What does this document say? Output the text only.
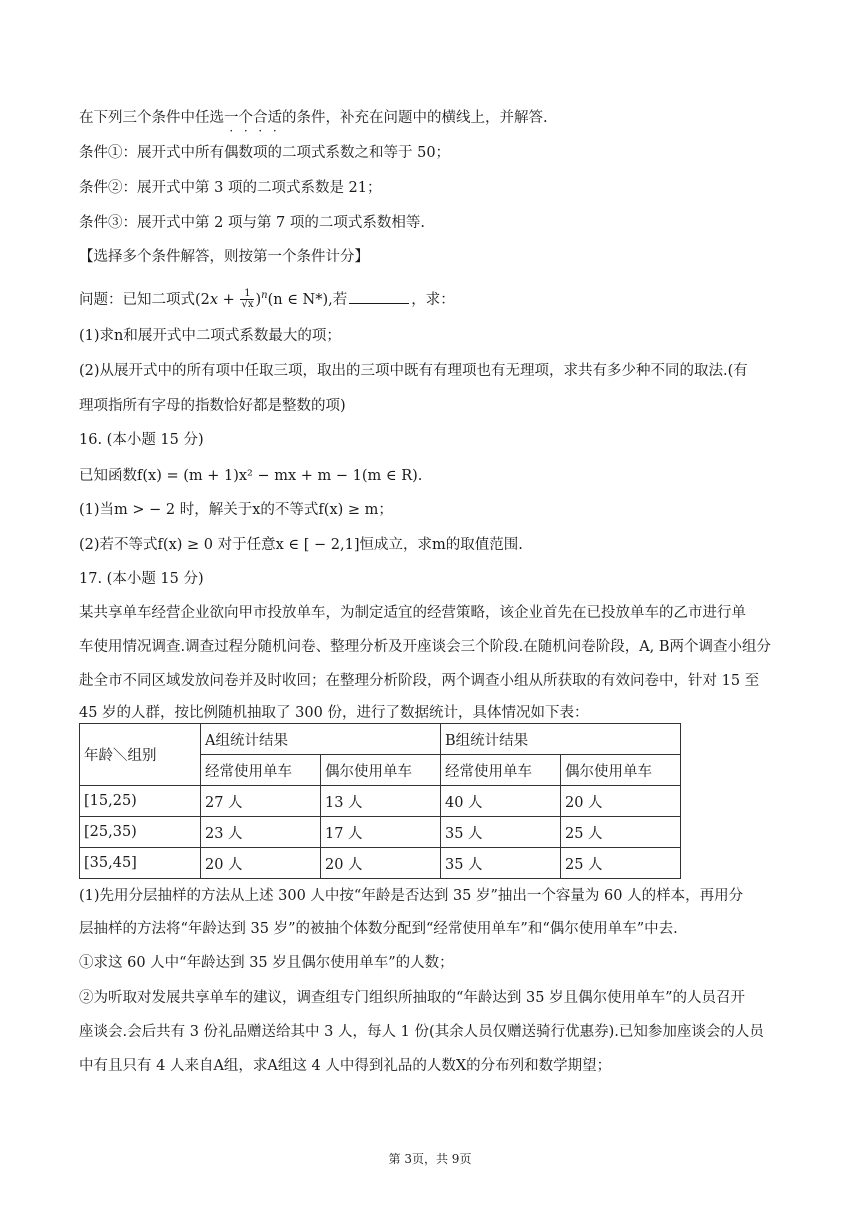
在下列三个条件中任选一个合适的条件，补充在问题中的横线上，并解答.
条件①：展开式中所有偶数项的二项式系数之和等于 50；
条件②：展开式中第 3 项的二项式系数是 21；
条件③：展开式中第 2 项与第 7 项的二项式系数相等.
【选择多个条件解答，则按第一个条件计分】
问题：已知二项式$(2x + \frac{1}{√x} )^n(n$ ∈ N*),若	，求：
(1)求n和展开式中二项式系数最大的项；
(2)从展开式中的所有项中任取三项，取出的三项中既有有理项也有无理项，求共有多少种不同的取法.(有
理项指所有字母的指数恰好都是整数的项)
16. (本小题 15 分)
已知函数f(x) = (m + 1)x² − mx + m − 1(m ∈ R).
(1)当m > − 2 时，解关于x的不等式f(x) ≥ m；
(2)若不等式f(x) ≥ 0 对于任意x ∈ [ − 2,1]恒成立，求m的取值范围.
17. (本小题 15 分)
某共享单车经营企业欲向甲市投放单车，为制定适宜的经营策略，该企业首先在已投放单车的乙市进行单
车使用情况调查.调查过程分随机问卷、整理分析及开座谈会三个阶段.在随机问卷阶段，A, B两个调查小组分
赴全市不同区域发放问卷并及时收回；在整理分析阶段，两个调查小组从所获取的有效问卷中，针对 15 至
45 岁的人群，按比例随机抽取了 300 份，进行了数据统计，具体情况如下表：
年龄＼组别	A组统计结果		B组统计结果	
	经常使用单车	偶尔使用单车	经常使用单车	偶尔使用单车
[15,25)	27 人	13 人	40 人	20 人
[25,35)	23 人	17 人	35 人	25 人
[35,45]	20 人	20 人	35 人	25 人
(1)先用分层抽样的方法从上述 300 人中按“年龄是否达到 35 岁”抽出一个容量为 60 人的样本，再用分
层抽样的方法将“年龄达到 35 岁”的被抽个体数分配到“经常使用单车”和“偶尔使用单车”中去.
①求这 60 人中“年龄达到 35 岁且偶尔使用单车”的人数；
②为听取对发展共享单车的建议，调查组专门组织所抽取的“年龄达到 35 岁且偶尔使用单车”的人员召开
座谈会.会后共有 3 份礼品赠送给其中 3 人，每人 1 份(其余人员仅赠送骑行优惠券).已知参加座谈会的人员
中有且只有 4 人来自A组，求A组这 4 人中得到礼品的人数X的分布列和数学期望；
第 3页，共 9页
